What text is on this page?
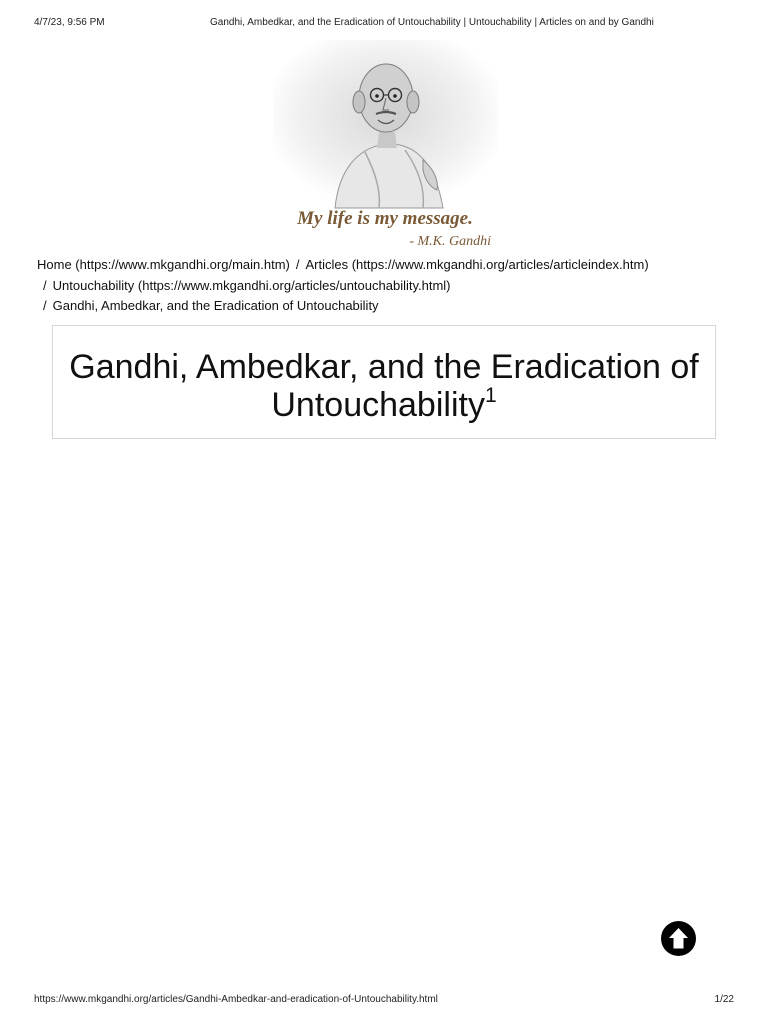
4/7/23, 9:56 PM	Gandhi, Ambedkar, and the Eradication of Untouchability | Untouchability | Articles on and by Gandhi
My life is my message.
- M.K. Gandhi
Home (https://www.mkgandhi.org/main.htm) / Articles (https://www.mkgandhi.org/articles/articleindex.htm)
/ Untouchability (https://www.mkgandhi.org/articles/untouchability.html)
/ Gandhi, Ambedkar, and the Eradication of Untouchability
Gandhi, Ambedkar, and the Eradication of Untouchability$^1$
https://www.mkgandhi.org/articles/Gandhi-Ambedkar-and-eradication-of-Untouchability.html	1/22
